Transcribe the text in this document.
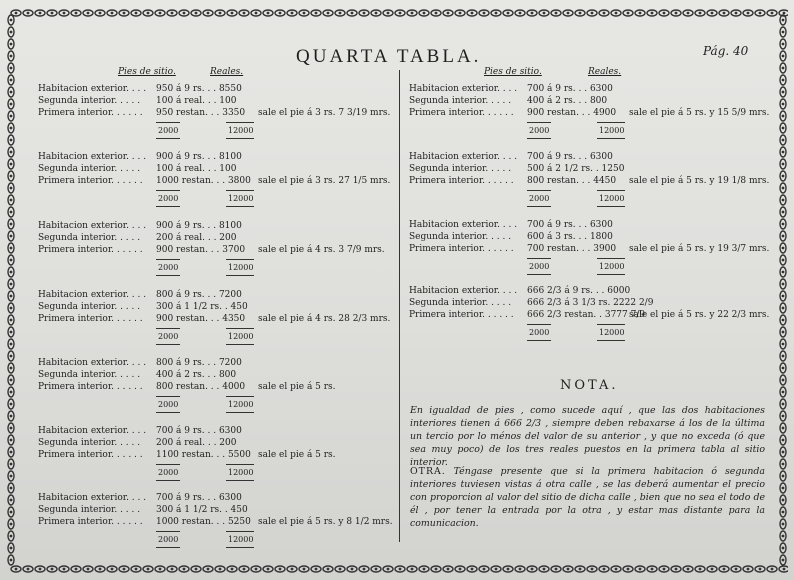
QUARTA TABLA.	Pág. 40
Pies de sitio.	Reales.	Pies de sitio.	Reales.
Habitacion exterior. . . . 950 á 9 rs. . . 8550
Segunda interior. . . . . 100 á real. . . 100
Primera interior. . . . . . 950 restan. . . 3350 sale el pie á 3 rs. 7 3/19 mrs.
2000	12000
Habitacion exterior. . . . 900 á 9 rs. . . 8100
Segunda interior. . . . . 100 á real. . . 100
Primera interior. . . . . . 1000 restan. . . 3800 sale el pie á 3 rs. 27 1/5 mrs.
2000	12000
Habitacion exterior. . . . 900 á 9 rs. . . 8100
Segunda interior. . . . . 200 á real. . . 200
Primera interior. . . . . . 900 restan. . . 3700 sale el pie á 4 rs. 3 7/9 mrs.
2000	12000
Habitacion exterior. . . . 800 á 9 rs. . . 7200
Segunda interior. . . . . 300 á 1 1/2 rs. . 450
Primera interior. . . . . . 900 restan. . . 4350 sale el pie á 4 rs. 28 2/3 mrs.
2000	12000
Habitacion exterior. . . . 800 á 9 rs. . . 7200
Segunda interior. . . . . 400 á 2 rs. . . 800
Primera interior. . . . . . 800 restan. . . 4000 sale el pie á 5 rs.
2000	12000
Habitacion exterior. . . . 700 á 9 rs. . . 6300
Segunda interior. . . . . 200 á real. . . 200
Primera interior. . . . . . 1100 restan. . . 5500 sale el pie á 5 rs.
2000	12000
Habitacion exterior. . . . 700 á 9 rs. . . 6300
Segunda interior. . . . . 300 á 1 1/2 rs. . 450
Primera interior. . . . . . 1000 restan. . . 5250 sale el pie á 5 rs. y 8 1/2 mrs.
2000	12000
Habitacion exterior. . . . 700 á 9 rs. . . 6300
Segunda interior. . . . . 400 á 2 rs. . . 800
Primera interior. . . . . . 900 restan. . . 4900 sale el pie á 5 rs. y 15 5/9 mrs.
2000	12000
Habitacion exterior. . . . 700 á 9 rs. . . 6300
Segunda interior. . . . . 500 á 2 1/2 rs. . 1250
Primera interior. . . . . . 800 restan. . . 4450 sale el pie á 5 rs. y 19 1/8 mrs.
2000	12000
Habitacion exterior. . . . 700 á 9 rs. . . 6300
Segunda interior. . . . . 600 á 3 rs. . . 1800
Primera interior. . . . . . 700 restan. . . 3900 sale el pie á 5 rs. y 19 3/7 mrs.
2000	12000
Habitacion exterior. . . . 666 2/3 á 9 rs. . . 6000
Segunda interior. . . . . 666 2/3 á 3 1/3 rs. 2222 2/9
Primera interior. . . . . . 666 2/3 restan. . 3777 7/9
sale el pie á 5 rs. y 22 2/3 mrs.
2000	12000
NOTA.
En igualdad de pies , como sucede aquí , que las dos habitaciones interiores tienen á 666 2/3 , siempre deben rebaxarse á los de la última un tercio por lo ménos del valor de su anterior , y que no exceda (ó que sea muy poco) de los tres reales puestos en la primera tabla al sitio interior.
OTRA. Téngase presente que si la primera habitacion ó segunda interiores tuviesen vistas á otra calle , se las deberá aumentar el precio con proporcion al valor del sitio de dicha calle , bien que no sea el todo de él , por tener la entrada por la otra , y estar mas distante para la comunicacion.
